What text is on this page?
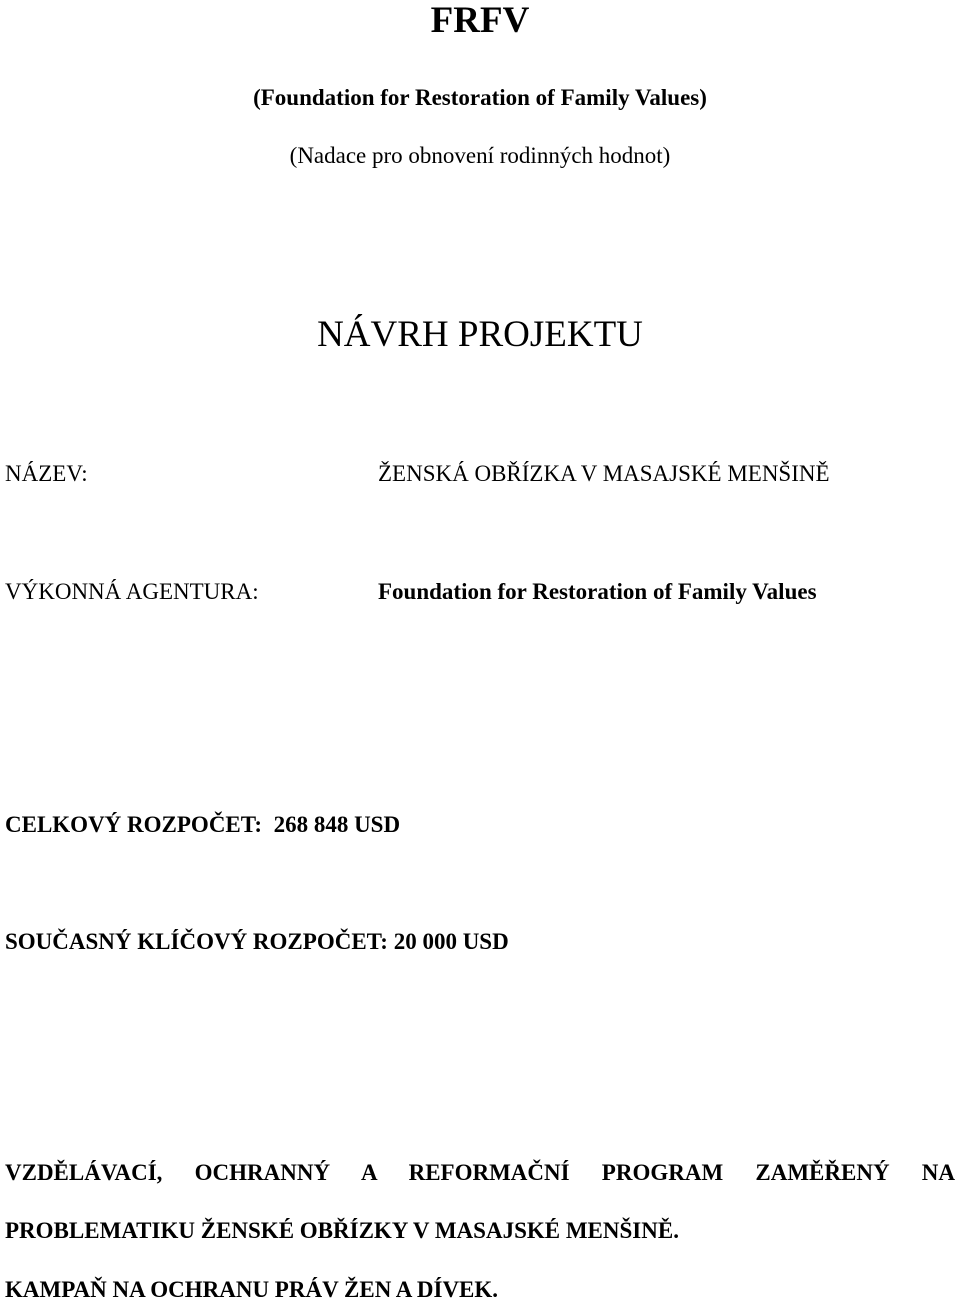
FRFV
(Foundation for Restoration of Family Values)
(Nadace pro obnovení rodinných hodnot)
NÁVRH PROJEKTU
NÁZEV:	ŽENSKÁ OBŘÍZKA V MASAJSKÉ MENŠINĚ
VÝKONNÁ AGENTURA:	Foundation for Restoration of Family Values
CELKOVÝ ROZPOČET:  268 848 USD
SOUČASNÝ KLÍČOVÝ ROZPOČET: 20 000 USD
VZDĚLÁVACÍ, OCHRANNÝ A REFORMAČNÍ PROGRAM ZAMĚŘENÝ NA
PROBLEMATIKU ŽENSKÉ OBŘÍZKY V MASAJSKÉ MENŠINĚ.
KAMPAŇ NA OCHRANU PRÁV ŽEN A DÍVEK.
